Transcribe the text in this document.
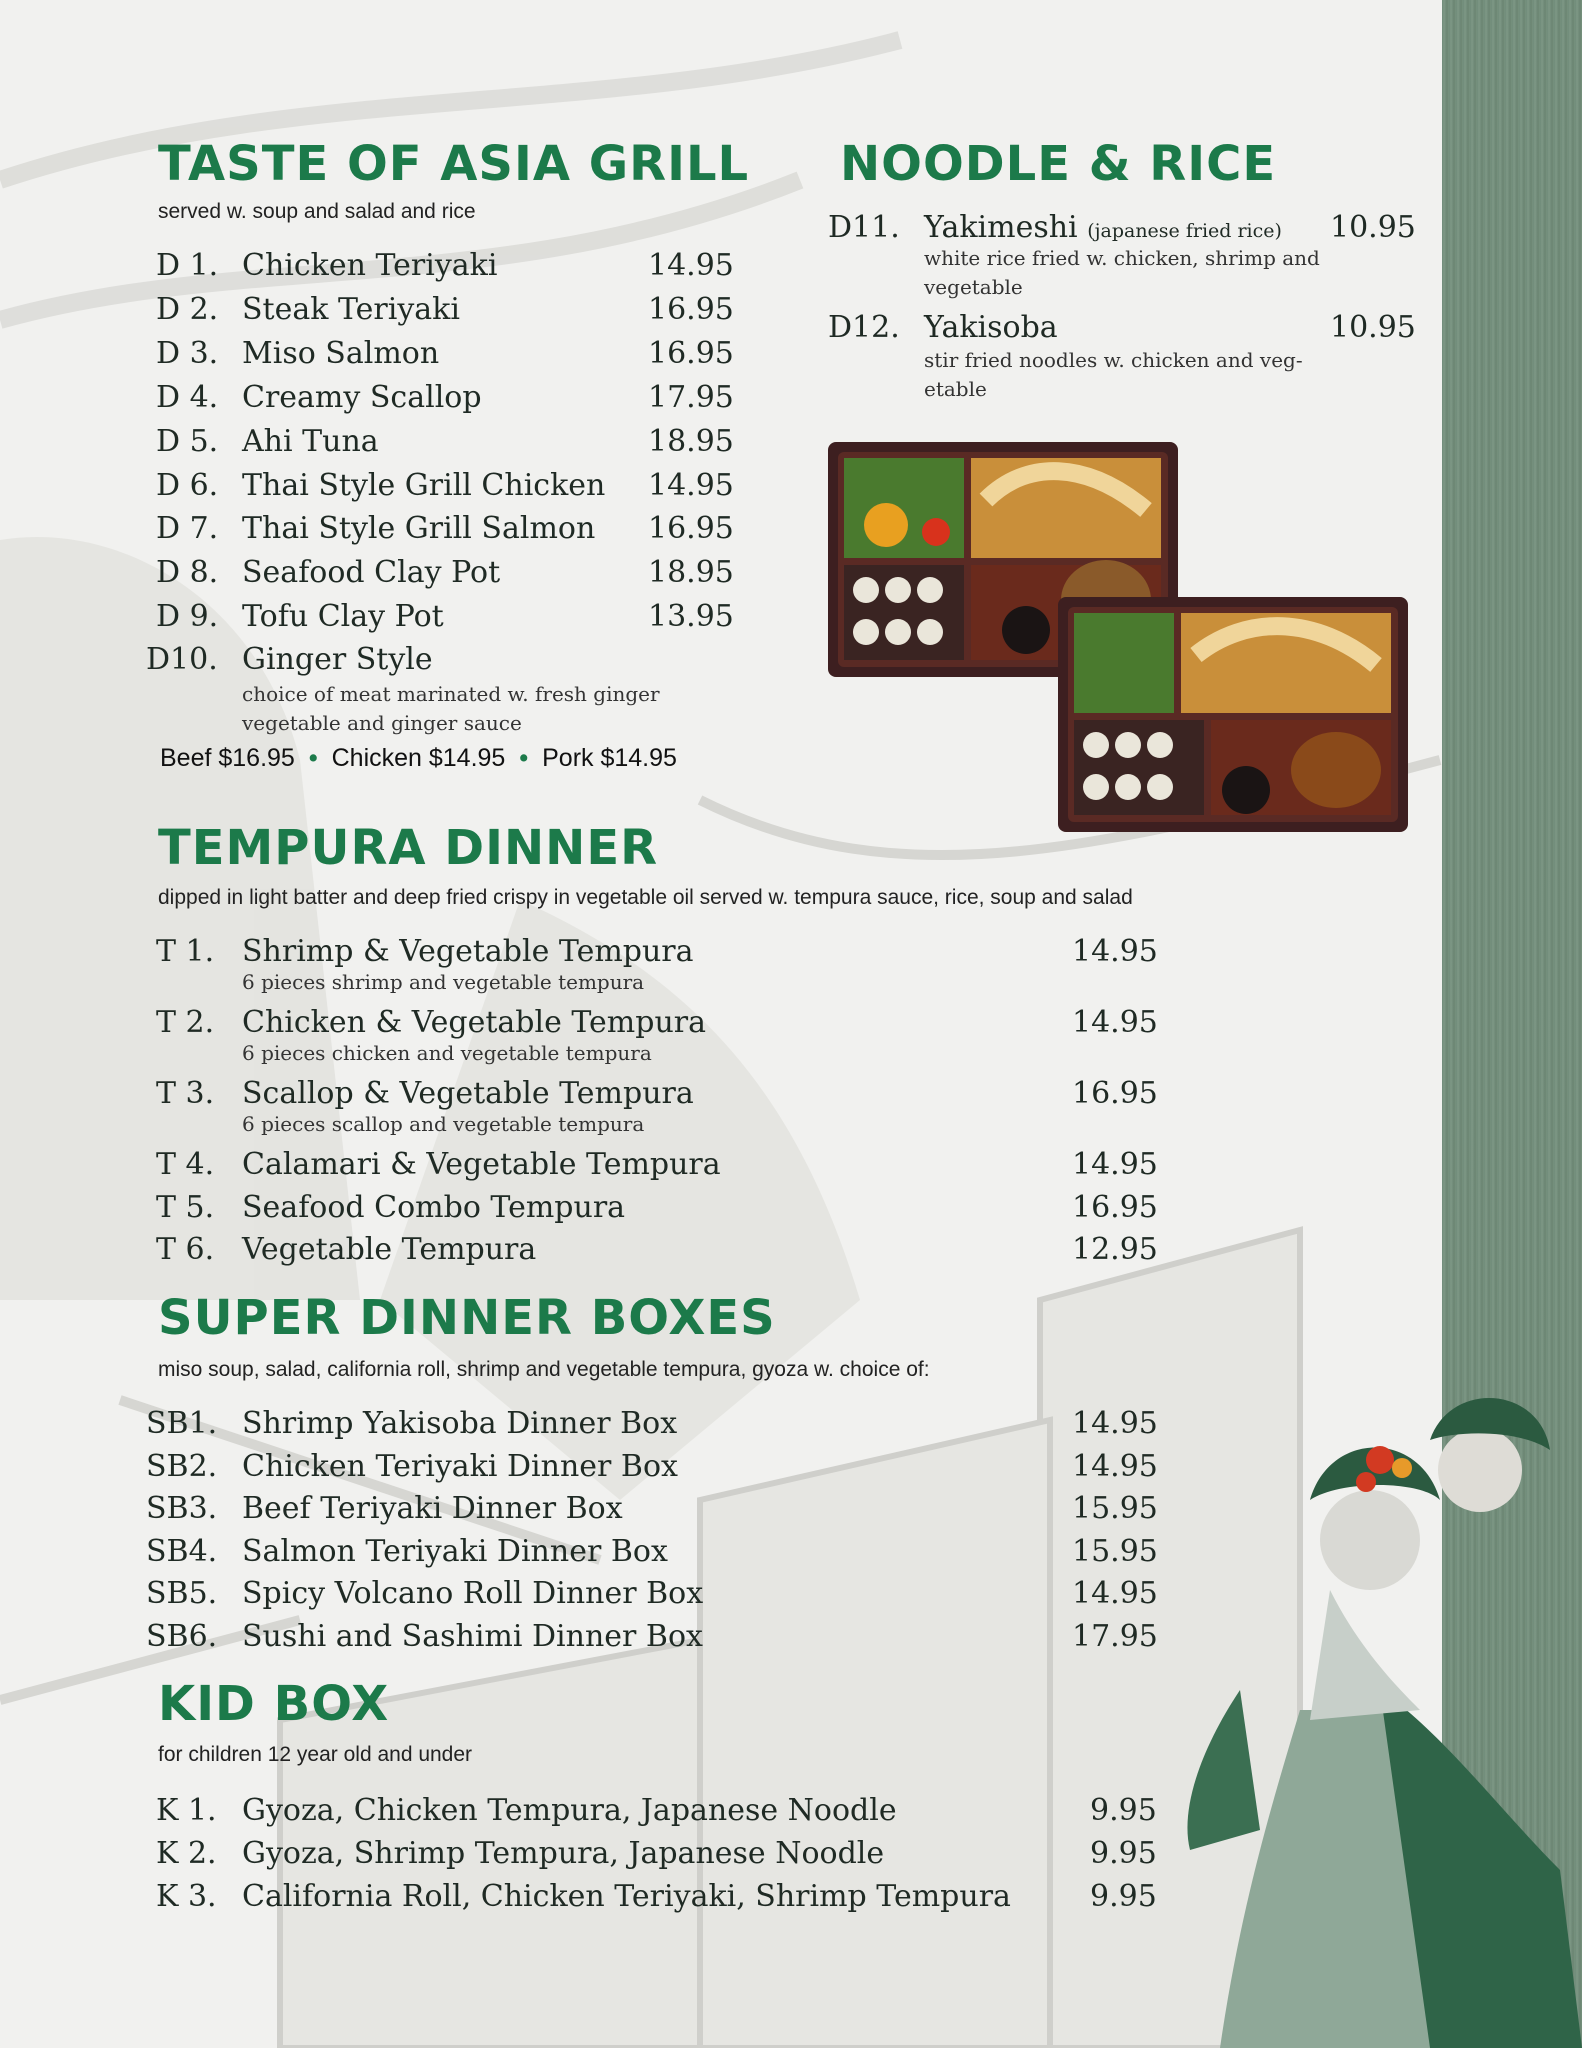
TASTE OF ASIA GRILL
served w. soup and salad and rice
D 1. Chicken Teriyaki	14.95
D 2. Steak Teriyaki	16.95
D 3. Miso Salmon	16.95
D 4. Creamy Scallop	17.95
D 5. Ahi Tuna	18.95
D 6. Thai Style Grill Chicken 14.95
D 7. Thai Style Grill Salmon 16.95
D 8. Seafood Clay Pot	18.95
D 9. Tofu Clay Pot	13.95
D10. Ginger Style
choice of meat marinated w. fresh ginger
vegetable and ginger sauce
Beef $16.95 • Chicken $14.95 • Pork $14.95
NOODLE & RICE
D11. Yakimeshi (japanese fried rice) 10.95
white rice fried w. chicken, shrimp and
vegetable
D12. Yakisoba	10.95
stir fried noodles w. chicken and veg-
etable
TEMPURA DINNER
dipped in light batter and deep fried crispy in vegetable oil served w. tempura sauce, rice, soup and salad
T 1. Shrimp & Vegetable Tempura	14.95
6 pieces shrimp and vegetable tempura
T 2. Chicken & Vegetable Tempura	14.95
6 pieces chicken and vegetable tempura
T 3. Scallop & Vegetable Tempura	16.95
6 pieces scallop and vegetable tempura
T 4. Calamari & Vegetable Tempura	14.95
T 5. Seafood Combo Tempura	16.95
T 6. Vegetable Tempura	12.95
SUPER DINNER BOXES
miso soup, salad, california roll, shrimp and vegetable tempura, gyoza w. choice of:
SB1. Shrimp Yakisoba Dinner Box	14.95
SB2. Chicken Teriyaki Dinner Box	14.95
SB3. Beef Teriyaki Dinner Box	15.95
SB4. Salmon Teriyaki Dinner Box	15.95
SB5. Spicy Volcano Roll Dinner Box	14.95
SB6. Sushi and Sashimi Dinner Box	17.95
KID BOX
for children 12 year old and under
K 1. Gyoza, Chicken Tempura, Japanese Noodle	9.95
K 2. Gyoza, Shrimp Tempura, Japanese Noodle	9.95
K 3. California Roll, Chicken Teriyaki, Shrimp Tempura	9.95
